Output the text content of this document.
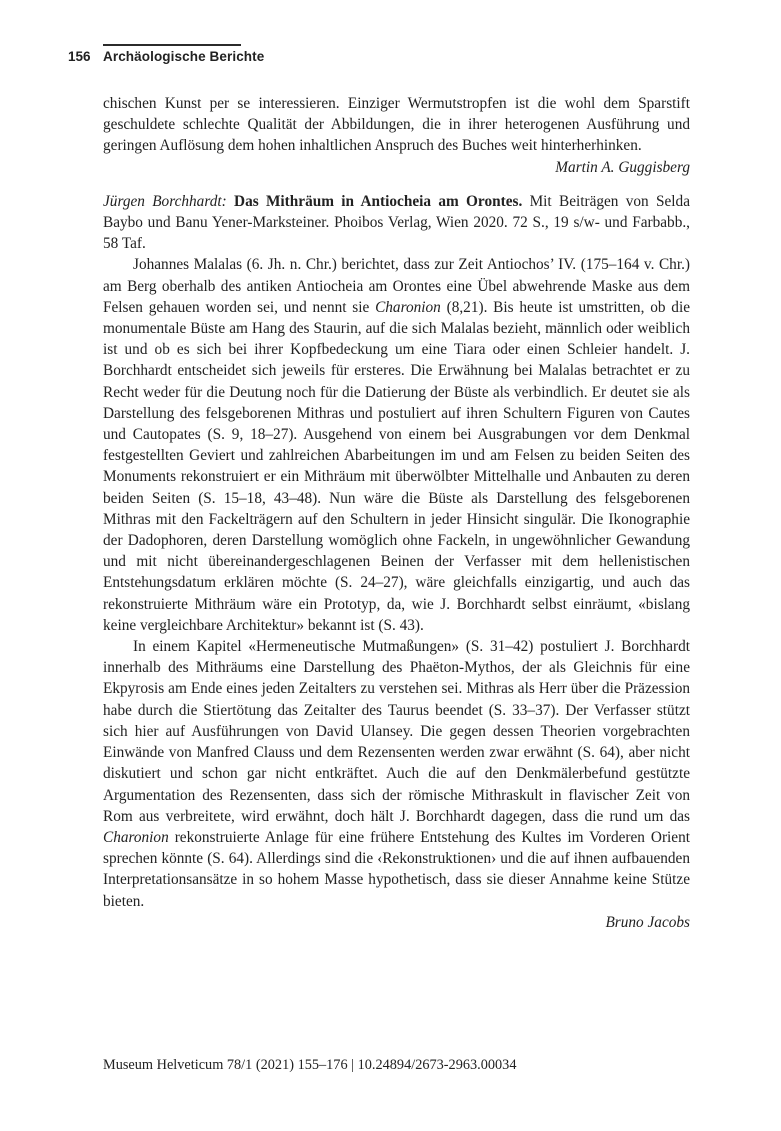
156 Archäologische Berichte

chischen Kunst per se interessieren. Einziger Wermutstropfen ist die wohl dem Sparstift geschuldete schlechte Qualität der Abbildungen, die in ihrer heterogenen Ausführung und geringen Auflösung dem hohen inhaltlichen Anspruch des Buches weit hinterherhinken.

Martin A. Guggisberg

Jürgen Borchhardt: Das Mithräum in Antiocheia am Orontes. Mit Beiträgen von Selda Baybo und Banu Yener-Marksteiner. Phoibos Verlag, Wien 2020. 72 S., 19 s/w- und Farbabb., 58 Taf.

Johannes Malalas (6. Jh. n. Chr.) berichtet, dass zur Zeit Antiochos’ IV. (175–164 v. Chr.) am Berg oberhalb des antiken Antiocheia am Orontes eine Übel abwehrende Maske aus dem Felsen gehauen worden sei, und nennt sie Charonion (8,21). Bis heute ist umstritten, ob die monumentale Büste am Hang des Staurin, auf die sich Malalas bezieht, männlich oder weiblich ist und ob es sich bei ihrer Kopfbedeckung um eine Tiara oder einen Schleier handelt. J. Borchhardt entscheidet sich jeweils für ersteres. Die Erwähnung bei Malalas betrachtet er zu Recht weder für die Deutung noch für die Datierung der Büste als verbindlich. Er deutet sie als Darstellung des felsgeborenen Mithras und postuliert auf ihren Schultern Figuren von Cautes und Cautopates (S. 9, 18–27). Ausgehend von einem bei Ausgrabungen vor dem Denkmal festgestellten Geviert und zahlreichen Abarbeitungen im und am Felsen zu beiden Seiten des Monuments rekonstruiert er ein Mithräum mit überwölbter Mittelhalle und Anbauten zu deren beiden Seiten (S. 15–18, 43–48). Nun wäre die Büste als Darstellung des felsgeborenen Mithras mit den Fackelträgern auf den Schultern in jeder Hinsicht singulär. Die Ikonographie der Dadophoren, deren Darstellung womöglich ohne Fackeln, in ungewöhnlicher Gewandung und mit nicht übereinandergeschlagenen Beinen der Verfasser mit dem hellenistischen Entstehungsdatum erklären möchte (S. 24–27), wäre gleichfalls einzigartig, und auch das rekonstruierte Mithräum wäre ein Prototyp, da, wie J. Borchhardt selbst einräumt, «bislang keine vergleichbare Architektur» bekannt ist (S. 43).

In einem Kapitel «Hermeneutische Mutmaßungen» (S. 31–42) postuliert J. Borchhardt innerhalb des Mithräums eine Darstellung des Phaëton-Mythos, der als Gleichnis für eine Ekpyrosis am Ende eines jeden Zeitalters zu verstehen sei. Mithras als Herr über die Präzession habe durch die Stiertötung das Zeitalter des Taurus beendet (S. 33–37). Der Verfasser stützt sich hier auf Ausführungen von David Ulansey. Die gegen dessen Theorien vorgebrachten Einwände von Manfred Clauss und dem Rezensenten werden zwar erwähnt (S. 64), aber nicht diskutiert und schon gar nicht entkräftet. Auch die auf den Denkmälerbefund gestützte Argumentation des Rezensenten, dass sich der römische Mithraskult in flavischer Zeit von Rom aus verbreitete, wird erwähnt, doch hält J. Borchhardt dagegen, dass die rund um das Charonion rekonstruierte Anlage für eine frühere Entstehung des Kultes im Vorderen Orient sprechen könnte (S. 64). Allerdings sind die ‹Rekonstruktionen› und die auf ihnen aufbauenden Interpretationsansätze in so hohem Masse hypothetisch, dass sie dieser Annahme keine Stütze bieten.

Bruno Jacobs

Museum Helveticum 78/1 (2021) 155–176 | 10.24894/2673-2963.00034
